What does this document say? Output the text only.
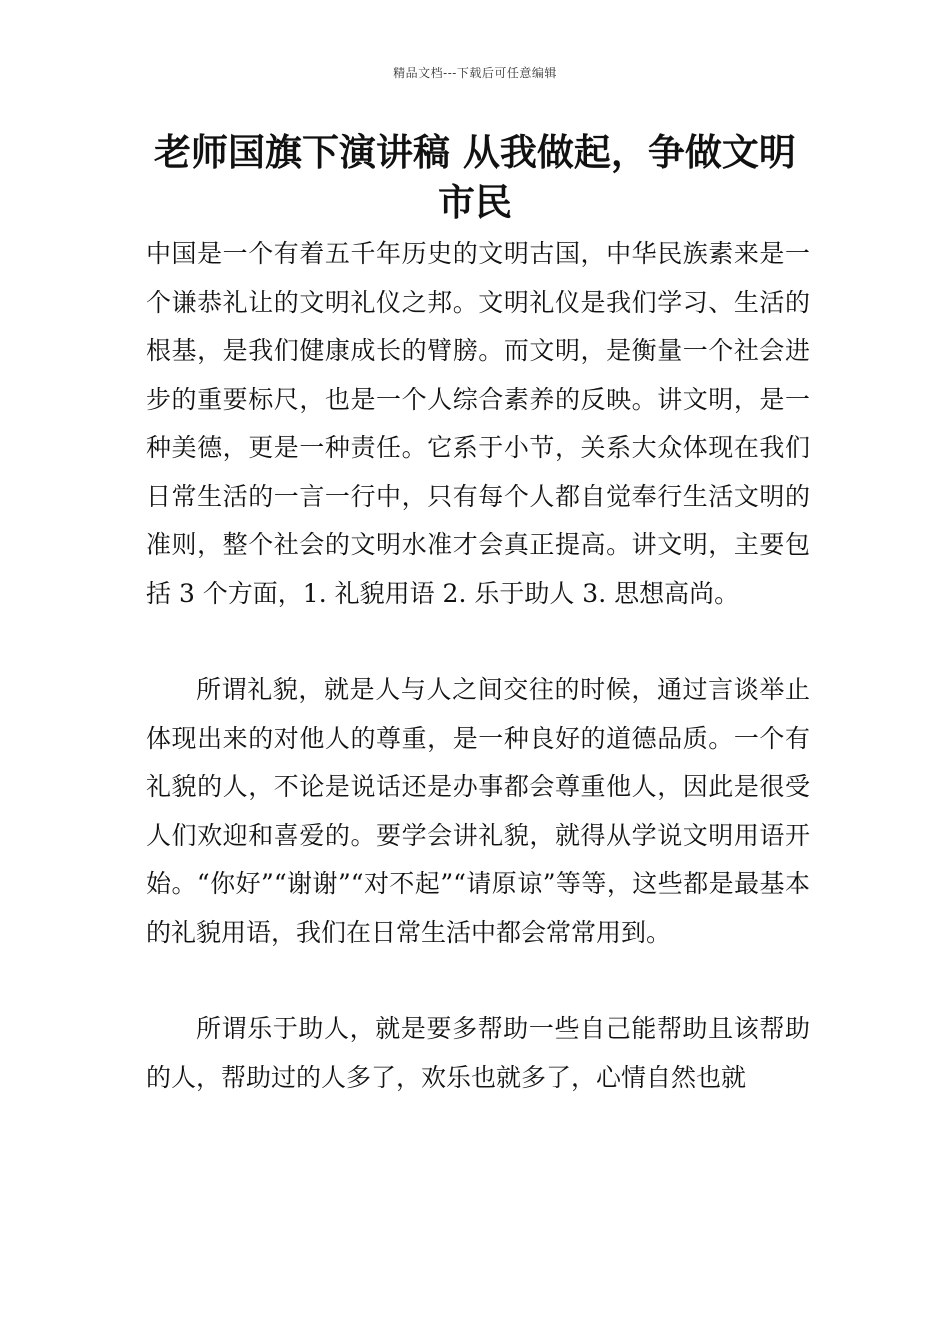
精品文档---下载后可任意编辑
老师国旗下演讲稿 从我做起，争做文明市民

中国是一个有着五千年历史的文明古国，中华民族素来是一个谦恭礼让的文明礼仪之邦。文明礼仪是我们学习、生活的根基，是我们健康成长的臂膀。而文明，是衡量一个社会进步的重要标尺，也是一个人综合素养的反映。讲文明，是一种美德，更是一种责任。它系于小节，关系大众体现在我们日常生活的一言一行中，只有每个人都自觉奉行生活文明的准则，整个社会的文明水准才会真正提高。讲文明，主要包括 3 个方面，1. 礼貌用语 2. 乐于助人 3. 思想高尚。

所谓礼貌，就是人与人之间交往的时候，通过言谈举止体现出来的对他人的尊重，是一种良好的道德品质。一个有礼貌的人，不论是说话还是办事都会尊重他人，因此是很受人们欢迎和喜爱的。要学会讲礼貌，就得从学说文明用语开始。“你好”“谢谢”“对不起”“请原谅”等等，这些都是最基本的礼貌用语，我们在日常生活中都会常常用到。

所谓乐于助人，就是要多帮助一些自己能帮助且该帮助的人，帮助过的人多了，欢乐也就多了，心情自然也就
